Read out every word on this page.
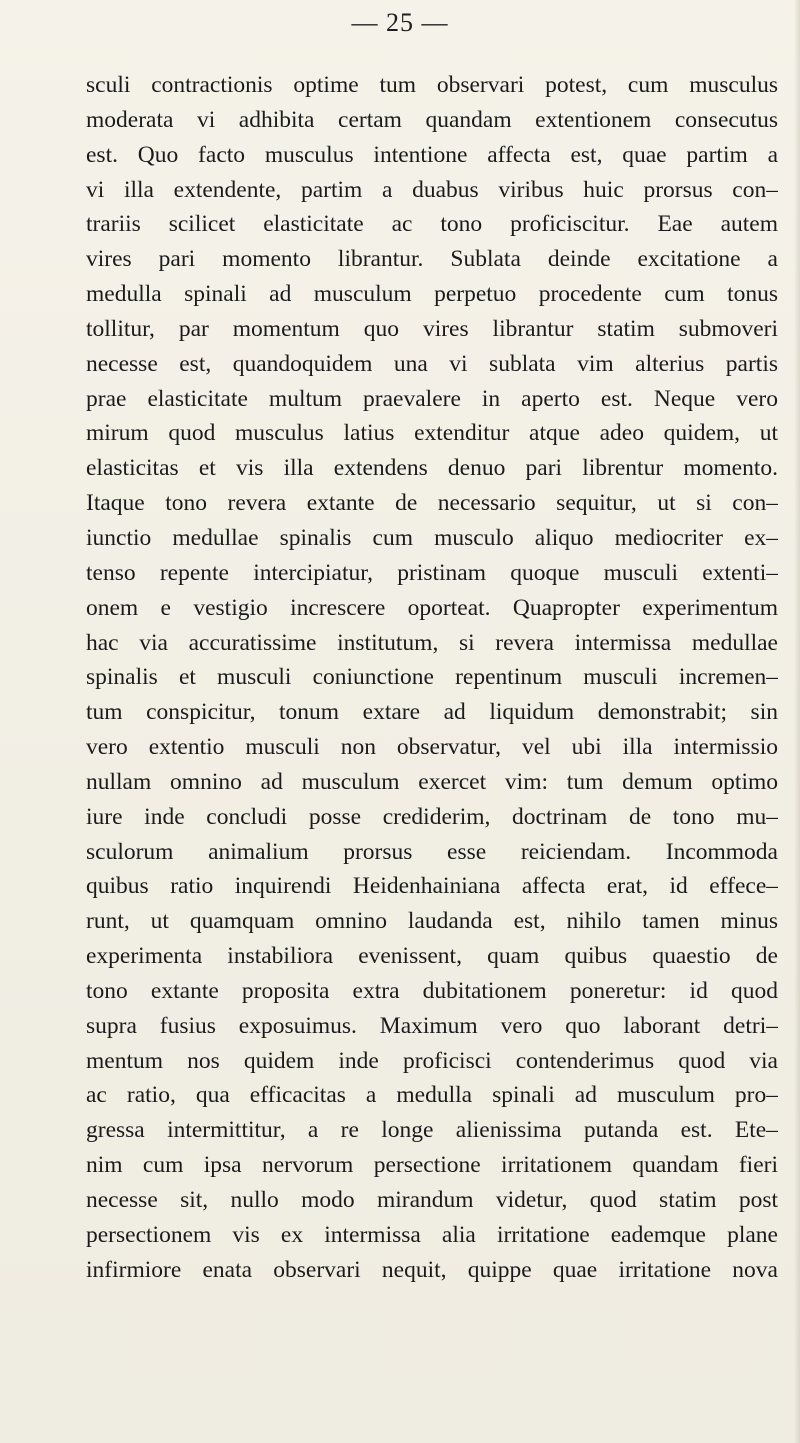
— 25 —
sculi contractionis optime tum observari potest, cum musculus
moderata vi adhibita certam quandam extentionem consecutus
est. Quo facto musculus intentione affecta est, quae partim a
vi illa extendente, partim a duabus viribus huic prorsus con–
trariis scilicet elasticitate ac tono proficiscitur. Eae autem
vires pari momento librantur. Sublata deinde excitatione a
medulla spinali ad musculum perpetuo procedente cum tonus
tollitur, par momentum quo vires librantur statim submoveri
necesse est, quandoquidem una vi sublata vim alterius partis
prae elasticitate multum praevalere in aperto est. Neque vero
mirum quod musculus latius extenditur atque adeo quidem, ut
elasticitas et vis illa extendens denuo pari librentur momento.
Itaque tono revera extante de necessario sequitur, ut si con–
iunctio medullae spinalis cum musculo aliquo mediocriter ex–
tenso repente intercipiatur, pristinam quoque musculi extenti–
onem e vestigio increscere oporteat. Quapropter experimentum
hac via accuratissime institutum, si revera intermissa medullae
spinalis et musculi coniunctione repentinum musculi incremen–
tum conspicitur, tonum extare ad liquidum demonstrabit; sin
vero extentio musculi non observatur, vel ubi illa intermissio
nullam omnino ad musculum exercet vim: tum demum optimo
iure inde concludi posse crediderim, doctrinam de tono mu–
sculorum animalium prorsus esse reiciendam. Incommoda
quibus ratio inquirendi Heidenhainiana affecta erat, id effece–
runt, ut quamquam omnino laudanda est, nihilo tamen minus
experimenta instabiliora evenissent, quam quibus quaestio de
tono extante proposita extra dubitationem poneretur: id quod
supra fusius exposuimus. Maximum vero quo laborant detri–
mentum nos quidem inde proficisci contenderimus quod via
ac ratio, qua efficacitas a medulla spinali ad musculum pro–
gressa intermittitur, a re longe alienissima putanda est. Ete–
nim cum ipsa nervorum persectione irritationem quandam fieri
necesse sit, nullo modo mirandum videtur, quod statim post
persectionem vis ex intermissa alia irritatione eademque plane
infirmiore enata observari nequit, quippe quae irritatione nova
